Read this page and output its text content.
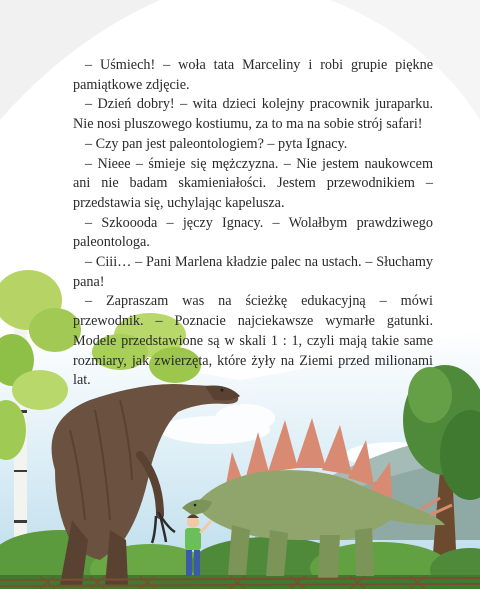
– Uśmiech! – woła tata Marceliny i robi grupie piękne pamiątkowe zdjęcie.

– Dzień dobry! – wita dzieci kolejny pracownik juraparku. Nie nosi pluszowego kostiumu, za to ma na sobie strój safari!

– Czy pan jest paleontologiem? – pyta Ignacy.

– Nieee – śmieje się mężczyzna. – Nie jestem naukowcem ani nie badam skamieniałości. Jestem przewodnikiem – przedstawia się, uchylając kapelusza.

– Szkoooda – jęczy Ignacy. – Wolałbym prawdziwego paleontologa.

– Ciii… – Pani Marlena kładzie palec na ustach. – Słuchamy pana!

– Zapraszam was na ścieżkę edukacyjną – mówi przewodnik. – Poznacie najciekawsze wymarłe gatunki. Modele przedstawione są w skali 1 : 1, czyli mają takie same rozmiary, jak zwierzęta, które żyły na Ziemi przed milionami lat.
